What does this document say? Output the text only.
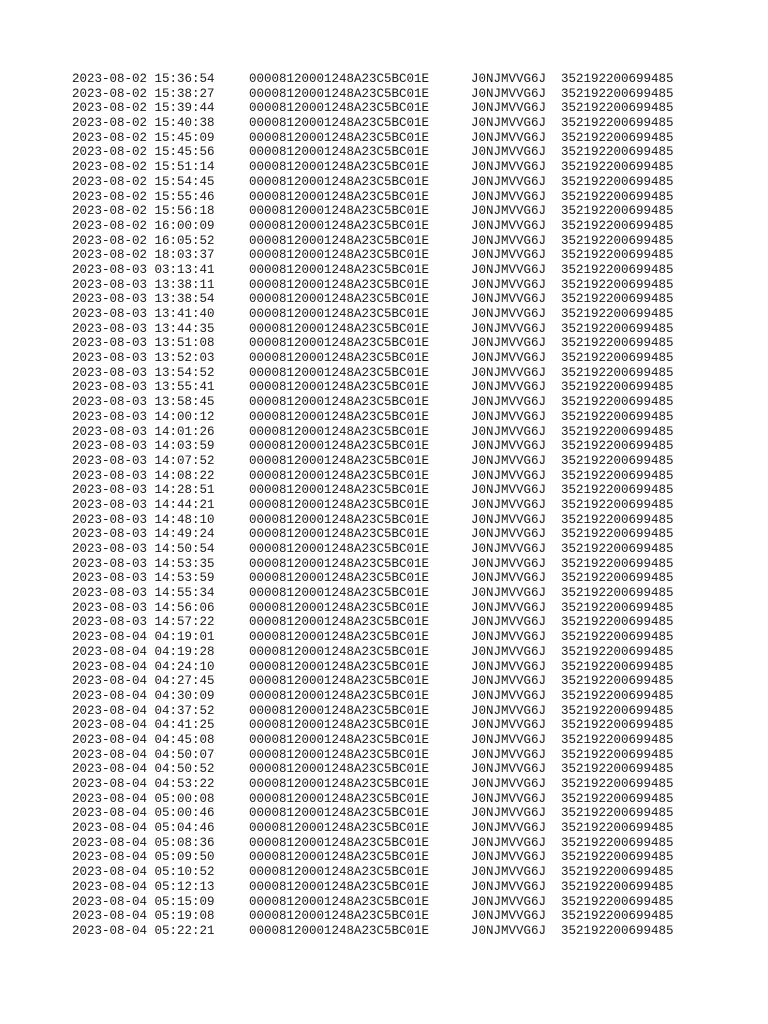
2023-08-02 15:36:54	00008120001248A23C5BC01E	J0NJMVVG6J 352192200699485
2023-08-02 15:38:27	00008120001248A23C5BC01E	J0NJMVVG6J 352192200699485
2023-08-02 15:39:44	00008120001248A23C5BC01E	J0NJMVVG6J 352192200699485
2023-08-02 15:40:38	00008120001248A23C5BC01E	J0NJMVVG6J 352192200699485
2023-08-02 15:45:09	00008120001248A23C5BC01E	J0NJMVVG6J 352192200699485
2023-08-02 15:45:56	00008120001248A23C5BC01E	J0NJMVVG6J 352192200699485
2023-08-02 15:51:14	00008120001248A23C5BC01E	J0NJMVVG6J 352192200699485
2023-08-02 15:54:45	00008120001248A23C5BC01E	J0NJMVVG6J 352192200699485
2023-08-02 15:55:46	00008120001248A23C5BC01E	J0NJMVVG6J 352192200699485
2023-08-02 15:56:18	00008120001248A23C5BC01E	J0NJMVVG6J 352192200699485
2023-08-02 16:00:09	00008120001248A23C5BC01E	J0NJMVVG6J 352192200699485
2023-08-02 16:05:52	00008120001248A23C5BC01E	J0NJMVVG6J 352192200699485
2023-08-02 18:03:37	00008120001248A23C5BC01E	J0NJMVVG6J 352192200699485
2023-08-03 03:13:41	00008120001248A23C5BC01E	J0NJMVVG6J 352192200699485
2023-08-03 13:38:11	00008120001248A23C5BC01E	J0NJMVVG6J 352192200699485
2023-08-03 13:38:54	00008120001248A23C5BC01E	J0NJMVVG6J 352192200699485
2023-08-03 13:41:40	00008120001248A23C5BC01E	J0NJMVVG6J 352192200699485
2023-08-03 13:44:35	00008120001248A23C5BC01E	J0NJMVVG6J 352192200699485
2023-08-03 13:51:08	00008120001248A23C5BC01E	J0NJMVVG6J 352192200699485
2023-08-03 13:52:03	00008120001248A23C5BC01E	J0NJMVVG6J 352192200699485
2023-08-03 13:54:52	00008120001248A23C5BC01E	J0NJMVVG6J 352192200699485
2023-08-03 13:55:41	00008120001248A23C5BC01E	J0NJMVVG6J 352192200699485
2023-08-03 13:58:45	00008120001248A23C5BC01E	J0NJMVVG6J 352192200699485
2023-08-03 14:00:12	00008120001248A23C5BC01E	J0NJMVVG6J 352192200699485
2023-08-03 14:01:26	00008120001248A23C5BC01E	J0NJMVVG6J 352192200699485
2023-08-03 14:03:59	00008120001248A23C5BC01E	J0NJMVVG6J 352192200699485
2023-08-03 14:07:52	00008120001248A23C5BC01E	J0NJMVVG6J 352192200699485
2023-08-03 14:08:22	00008120001248A23C5BC01E	J0NJMVVG6J 352192200699485
2023-08-03 14:28:51	00008120001248A23C5BC01E	J0NJMVVG6J 352192200699485
2023-08-03 14:44:21	00008120001248A23C5BC01E	J0NJMVVG6J 352192200699485
2023-08-03 14:48:10	00008120001248A23C5BC01E	J0NJMVVG6J 352192200699485
2023-08-03 14:49:24	00008120001248A23C5BC01E	J0NJMVVG6J 352192200699485
2023-08-03 14:50:54	00008120001248A23C5BC01E	J0NJMVVG6J 352192200699485
2023-08-03 14:53:35	00008120001248A23C5BC01E	J0NJMVVG6J 352192200699485
2023-08-03 14:53:59	00008120001248A23C5BC01E	J0NJMVVG6J 352192200699485
2023-08-03 14:55:34	00008120001248A23C5BC01E	J0NJMVVG6J 352192200699485
2023-08-03 14:56:06	00008120001248A23C5BC01E	J0NJMVVG6J 352192200699485
2023-08-03 14:57:22	00008120001248A23C5BC01E	J0NJMVVG6J 352192200699485
2023-08-04 04:19:01	00008120001248A23C5BC01E	J0NJMVVG6J 352192200699485
2023-08-04 04:19:28	00008120001248A23C5BC01E	J0NJMVVG6J 352192200699485
2023-08-04 04:24:10	00008120001248A23C5BC01E	J0NJMVVG6J 352192200699485
2023-08-04 04:27:45	00008120001248A23C5BC01E	J0NJMVVG6J 352192200699485
2023-08-04 04:30:09	00008120001248A23C5BC01E	J0NJMVVG6J 352192200699485
2023-08-04 04:37:52	00008120001248A23C5BC01E	J0NJMVVG6J 352192200699485
2023-08-04 04:41:25	00008120001248A23C5BC01E	J0NJMVVG6J 352192200699485
2023-08-04 04:45:08	00008120001248A23C5BC01E	J0NJMVVG6J 352192200699485
2023-08-04 04:50:07	00008120001248A23C5BC01E	J0NJMVVG6J 352192200699485
2023-08-04 04:50:52	00008120001248A23C5BC01E	J0NJMVVG6J 352192200699485
2023-08-04 04:53:22	00008120001248A23C5BC01E	J0NJMVVG6J 352192200699485
2023-08-04 05:00:08	00008120001248A23C5BC01E	J0NJMVVG6J 352192200699485
2023-08-04 05:00:46	00008120001248A23C5BC01E	J0NJMVVG6J 352192200699485
2023-08-04 05:04:46	00008120001248A23C5BC01E	J0NJMVVG6J 352192200699485
2023-08-04 05:08:36	00008120001248A23C5BC01E	J0NJMVVG6J 352192200699485
2023-08-04 05:09:50	00008120001248A23C5BC01E	J0NJMVVG6J 352192200699485
2023-08-04 05:10:52	00008120001248A23C5BC01E	J0NJMVVG6J 352192200699485
2023-08-04 05:12:13	00008120001248A23C5BC01E	J0NJMVVG6J 352192200699485
2023-08-04 05:15:09	00008120001248A23C5BC01E	J0NJMVVG6J 352192200699485
2023-08-04 05:19:08	00008120001248A23C5BC01E	J0NJMVVG6J 352192200699485
2023-08-04 05:22:21	00008120001248A23C5BC01E	J0NJMVVG6J 352192200699485
